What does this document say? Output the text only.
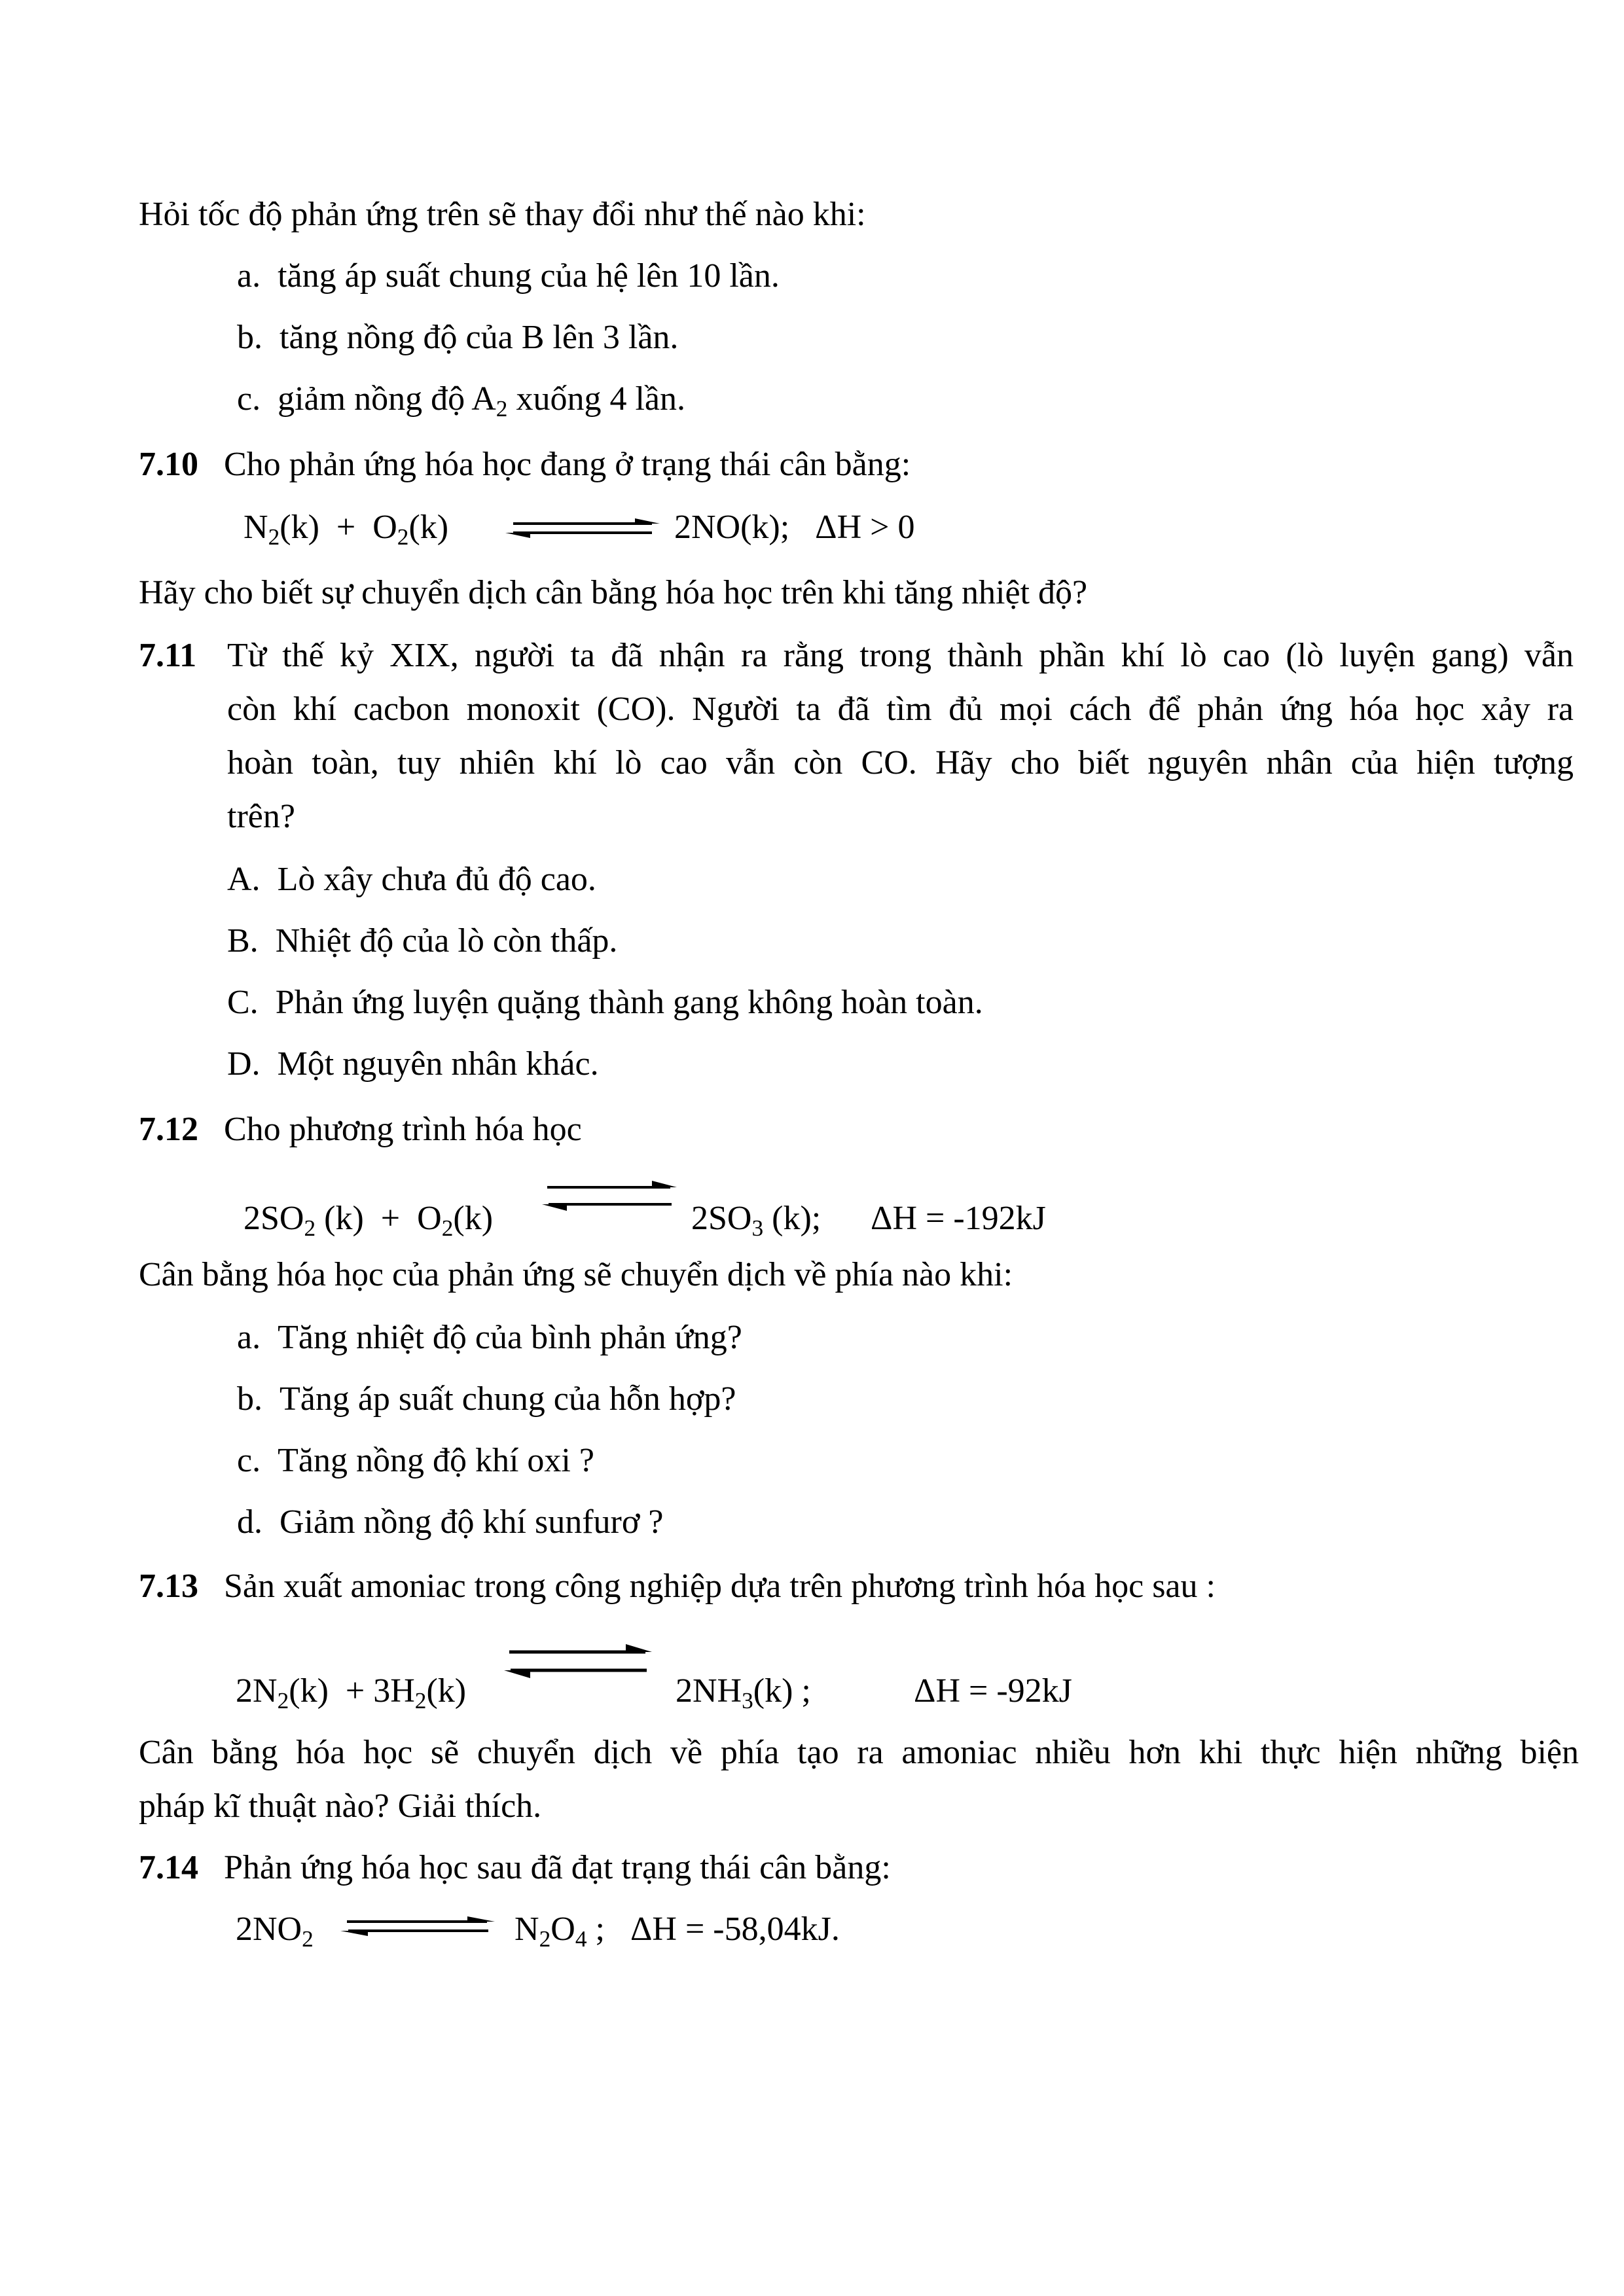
Hỏi tốc độ phản ứng trên sẽ thay đổi như thế nào khi:
a. tăng áp suất chung của hệ lên 10 lần.
b. tăng nồng độ của B lên 3 lần.
c. giảm nồng độ $A_2$ xuống 4 lần.
7.10 Cho phản ứng hóa học đang ở trạng thái cân bằng:
$N_2(k) + O_2(k)$	2NO(k);   ΔH > 0
Hãy cho biết sự chuyển dịch cân bằng hóa học trên khi tăng nhiệt độ?
7.11 Từ thế kỷ XIX, người ta đã nhận ra rằng trong thành phần khí lò cao (lò luyện gang) vẫn
còn khí cacbon monoxit (CO). Người ta đã tìm đủ mọi cách để phản ứng hóa học xảy ra
hoàn toàn, tuy nhiên khí lò cao vẫn còn CO. Hãy cho biết nguyên nhân của hiện tượng
trên?
A. Lò xây chưa đủ độ cao.
B. Nhiệt độ của lò còn thấp.
C. Phản ứng luyện quặng thành gang không hoàn toàn.
D. Một nguyên nhân khác.
7.12 Cho phương trình hóa học
$2SO_2$ $(k) + O_2(k)$	$2SO_3$ (k); ΔH = -192kJ
Cân bằng hóa học của phản ứng sẽ chuyển dịch về phía nào khi:
a. Tăng nhiệt độ của bình phản ứng?
b. Tăng áp suất chung của hỗn hợp?
c. Tăng nồng độ khí oxi ?
d. Giảm nồng độ khí sunfurơ ?
7.13 Sản xuất amoniac trong công nghiệp dựa trên phương trình hóa học sau :
$2N_2(k) + 3H_2(k)$	$2NH_3(k)$ ;	ΔH = -92kJ
Cân bằng hóa học sẽ chuyển dịch về phía tạo ra amoniac nhiều hơn khi thực hiện những biện
pháp kĩ thuật nào? Giải thích.
7.14 Phản ứng hóa học sau đã đạt trạng thái cân bằng:
$2NO_2$	$N_2O_4$ ;   ΔH = -58,04kJ.
